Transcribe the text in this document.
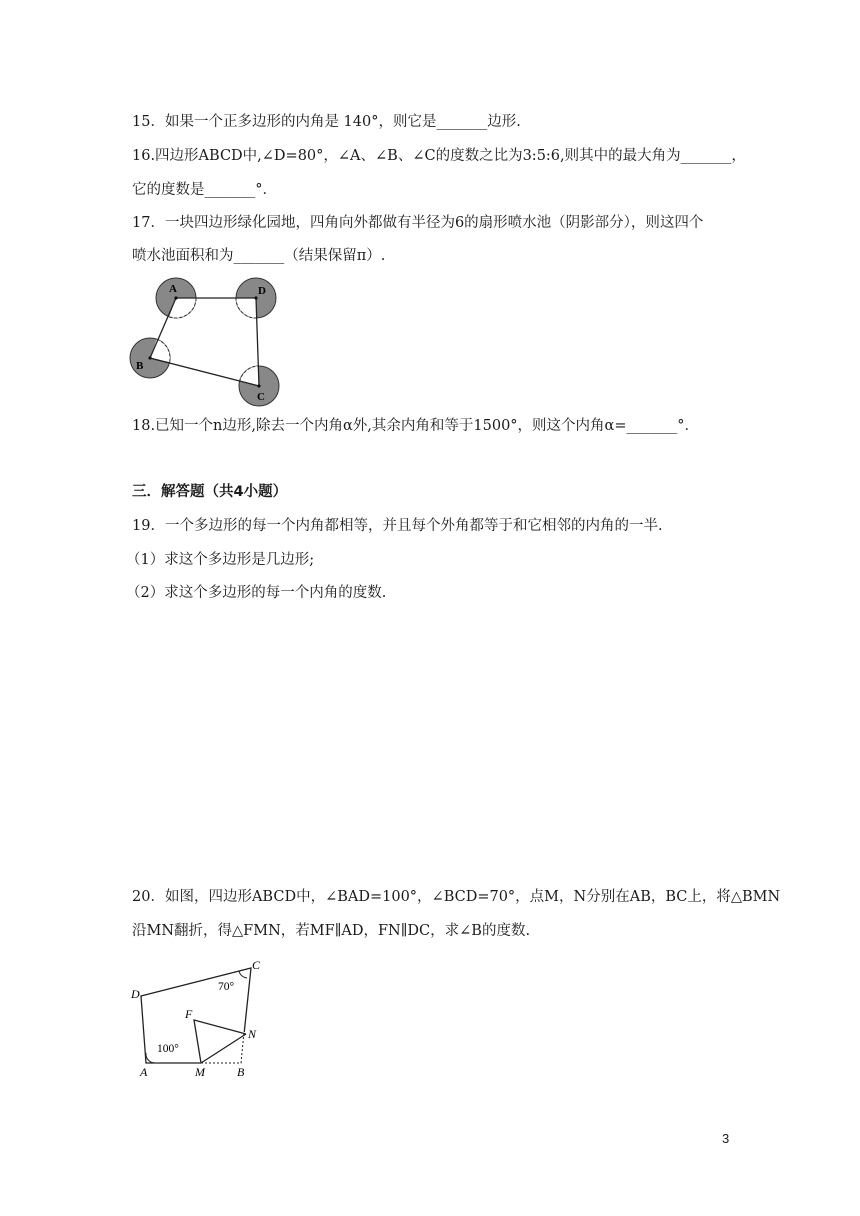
15．如果一个正多边形的内角是 140°，则它是_______边形.
16.四边形ABCD中,∠D=80°，∠A、∠B、∠C的度数之比为3:5:6,则其中的最大角为_______，
它的度数是_______°．
17．一块四边形绿化园地，四角向外都做有半径为6的扇形喷水池（阴影部分），则这四个
喷水池面积和为_______（结果保留π）.
A	D
B
C
18.已知一个n边形,除去一个内角α外,其余内角和等于1500°，则这个内角α=_______°．
三．解答题（共4小题）
19．一个多边形的每一个内角都相等，并且每个外角都等于和它相邻的内角的一半.
（1）求这个多边形是几边形;
（2）求这个多边形的每一个内角的度数.
20．如图，四边形ABCD中，∠BAD=100°，∠BCD=70°，点M，N分别在AB，BC上，将△BMN
沿MN翻折，得△FMN，若MF∥AD，FN∥DC，求∠B的度数.
100°
70°
C
D
N
F
A	M	B
3
